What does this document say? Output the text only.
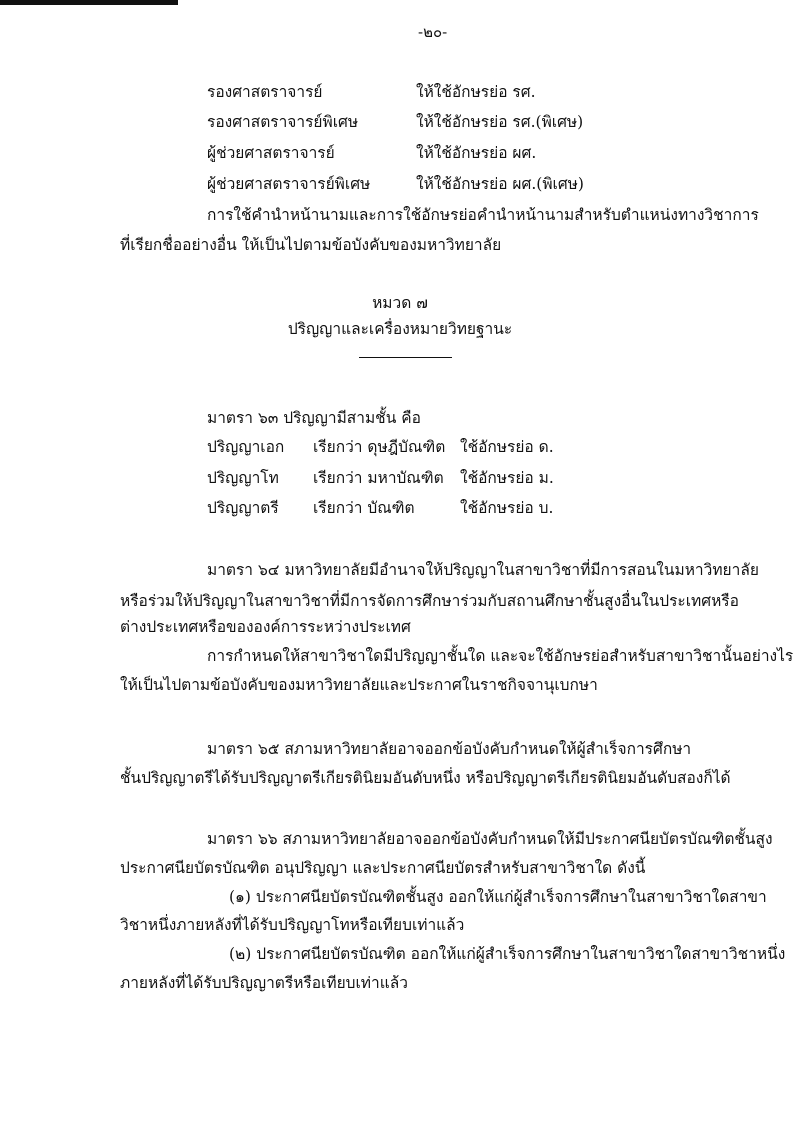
-๒๐-
รองศาสตราจารย์	ให้ใช้อักษรย่อ รศ.
รองศาสตราจารย์พิเศษ	ให้ใช้อักษรย่อ รศ.(พิเศษ)
ผู้ช่วยศาสตราจารย์	ให้ใช้อักษรย่อ ผศ.
ผู้ช่วยศาสตราจารย์พิเศษ	ให้ใช้อักษรย่อ ผศ.(พิเศษ)
การใช้คำนำหน้านามและการใช้อักษรย่อคำนำหน้านามสำหรับตำแหน่งทางวิชาการ
ที่เรียกชื่ออย่างอื่น ให้เป็นไปตามข้อบังคับของมหาวิทยาลัย
หมวด ๗
ปริญญาและเครื่องหมายวิทยฐานะ
มาตรา ๖๓ ปริญญามีสามชั้น คือ
ปริญญาเอก เรียกว่า ดุษฎีบัณฑิต ใช้อักษรย่อ ด.
ปริญญาโท เรียกว่า มหาบัณฑิต ใช้อักษรย่อ ม.
ปริญญาตรี เรียกว่า บัณฑิต	ใช้อักษรย่อ บ.
มาตรา ๖๔ มหาวิทยาลัยมีอำนาจให้ปริญญาในสาขาวิชาที่มีการสอนในมหาวิทยาลัย
หรือร่วมให้ปริญญาในสาขาวิชาที่มีการจัดการศึกษาร่วมกับสถานศึกษาชั้นสูงอื่นในประเทศหรือ
ต่างประเทศหรือขององค์การระหว่างประเทศ
การกำหนดให้สาขาวิชาใดมีปริญญาชั้นใด และจะใช้อักษรย่อสำหรับสาขาวิชานั้นอย่างไร
ให้เป็นไปตามข้อบังคับของมหาวิทยาลัยและประกาศในราชกิจจานุเบกษา
มาตรา ๖๕ สภามหาวิทยาลัยอาจออกข้อบังคับกำหนดให้ผู้สำเร็จการศึกษา
ชั้นปริญญาตรีได้รับปริญญาตรีเกียรตินิยมอันดับหนึ่ง หรือปริญญาตรีเกียรตินิยมอันดับสองก็ได้
มาตรา ๖๖ สภามหาวิทยาลัยอาจออกข้อบังคับกำหนดให้มีประกาศนียบัตรบัณฑิตชั้นสูง
ประกาศนียบัตรบัณฑิต อนุปริญญา และประกาศนียบัตรสำหรับสาขาวิชาใด ดังนี้
(๑) ประกาศนียบัตรบัณฑิตชั้นสูง ออกให้แก่ผู้สำเร็จการศึกษาในสาขาวิชาใดสาขา
วิชาหนึ่งภายหลังที่ได้รับปริญญาโทหรือเทียบเท่าแล้ว
(๒) ประกาศนียบัตรบัณฑิต ออกให้แก่ผู้สำเร็จการศึกษาในสาขาวิชาใดสาขาวิชาหนึ่ง
ภายหลังที่ได้รับปริญญาตรีหรือเทียบเท่าแล้ว
